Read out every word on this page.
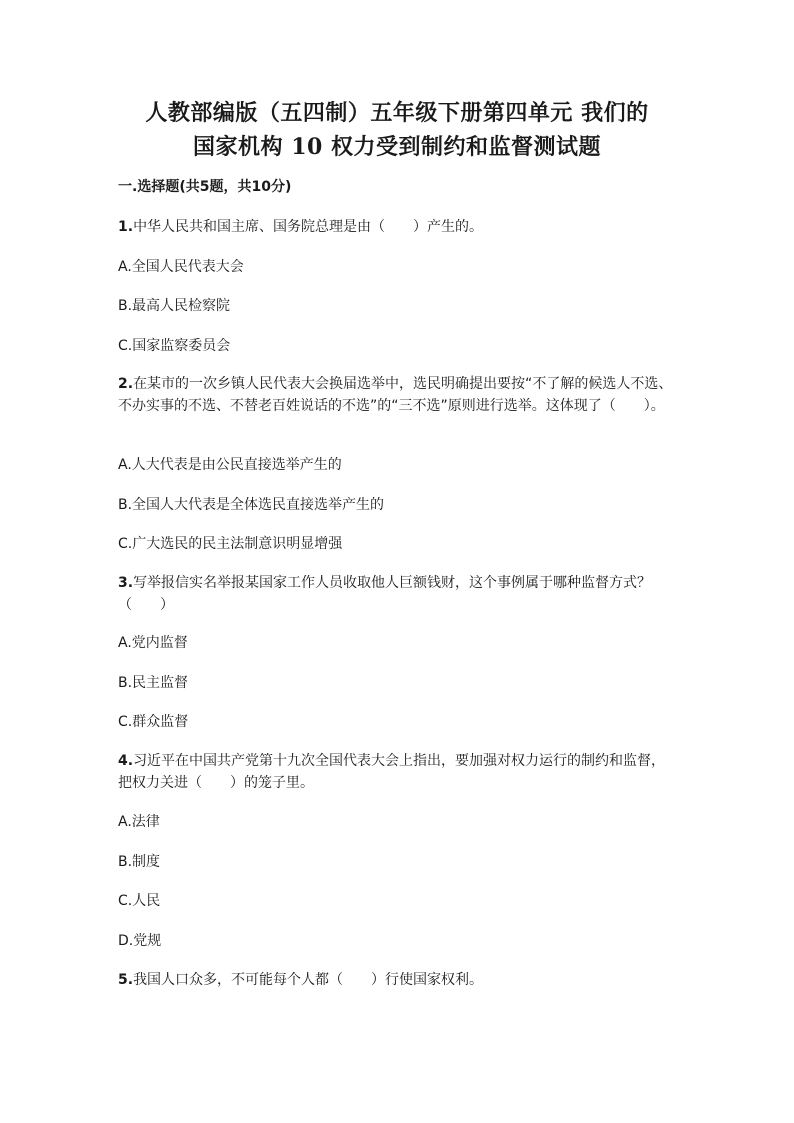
人教部编版（五四制）五年级下册第四单元 我们的
国家机构 10 权力受到制约和监督测试题

一.选择题(共5题，共10分)

1.中华人民共和国主席、国务院总理是由（　　）产生的。

A.全国人民代表大会

B.最高人民检察院

C.国家监察委员会

2.在某市的一次乡镇人民代表大会换届选举中，选民明确提出要按“不了解的候选人不选、不办实事的不选、不替老百姓说话的不选”的“三不选”原则进行选举。这体现了（　　）。

A.人大代表是由公民直接选举产生的

B.全国人大代表是全体选民直接选举产生的

C.广大选民的民主法制意识明显增强

3.写举报信实名举报某国家工作人员收取他人巨额钱财，这个事例属于哪种监督方式？（　　）

A.党内监督

B.民主监督

C.群众监督

4.习近平在中国共产党第十九次全国代表大会上指出，要加强对权力运行的制约和监督，把权力关进（　　）的笼子里。

A.法律

B.制度

C.人民

D.党规

5.我国人口众多，不可能每个人都（　　）行使国家权利。
